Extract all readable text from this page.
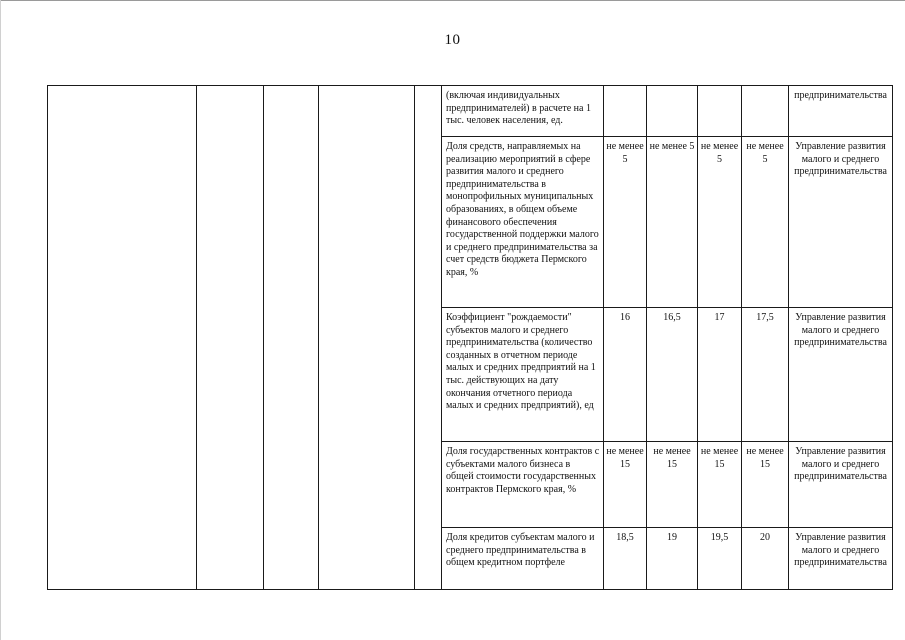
10
					(включая индивидуальных предпринимателей) в расчете на 1 тыс. человек населения, ед.					предпринимательства
					Доля средств, направляемых на реализацию мероприятий в сфере развития малого и среднего предпринимательства в монопрофильных муниципальных образованиях, в общем объеме финансового обеспечения государственной поддержки малого и среднего предпринимательства за счет средств бюджета Пермского края, %	не менее 5	не менее 5	не менее 5	не менее 5	Управление развития малого и среднего предпринимательства
					Коэффициент "рождаемости" субъектов малого и среднего предпринимательства (количество созданных в отчетном периоде малых и средних предприятий на 1 тыс. действующих на дату окончания отчетного периода малых и средних предприятий), ед	16	16,5	17	17,5	Управление развития малого и среднего предпринимательства
					Доля государственных контрактов с субъектами малого бизнеса в общей стоимости государственных контрактов Пермского края, %	не менее 15	не менее 15	не менее 15	не менее 15	Управление развития малого и среднего предпринимательства
					Доля кредитов субъектам малого и среднего предпринимательства в общем кредитном портфеле	18,5	19	19,5	20	Управление развития малого и среднего предпринимательства
